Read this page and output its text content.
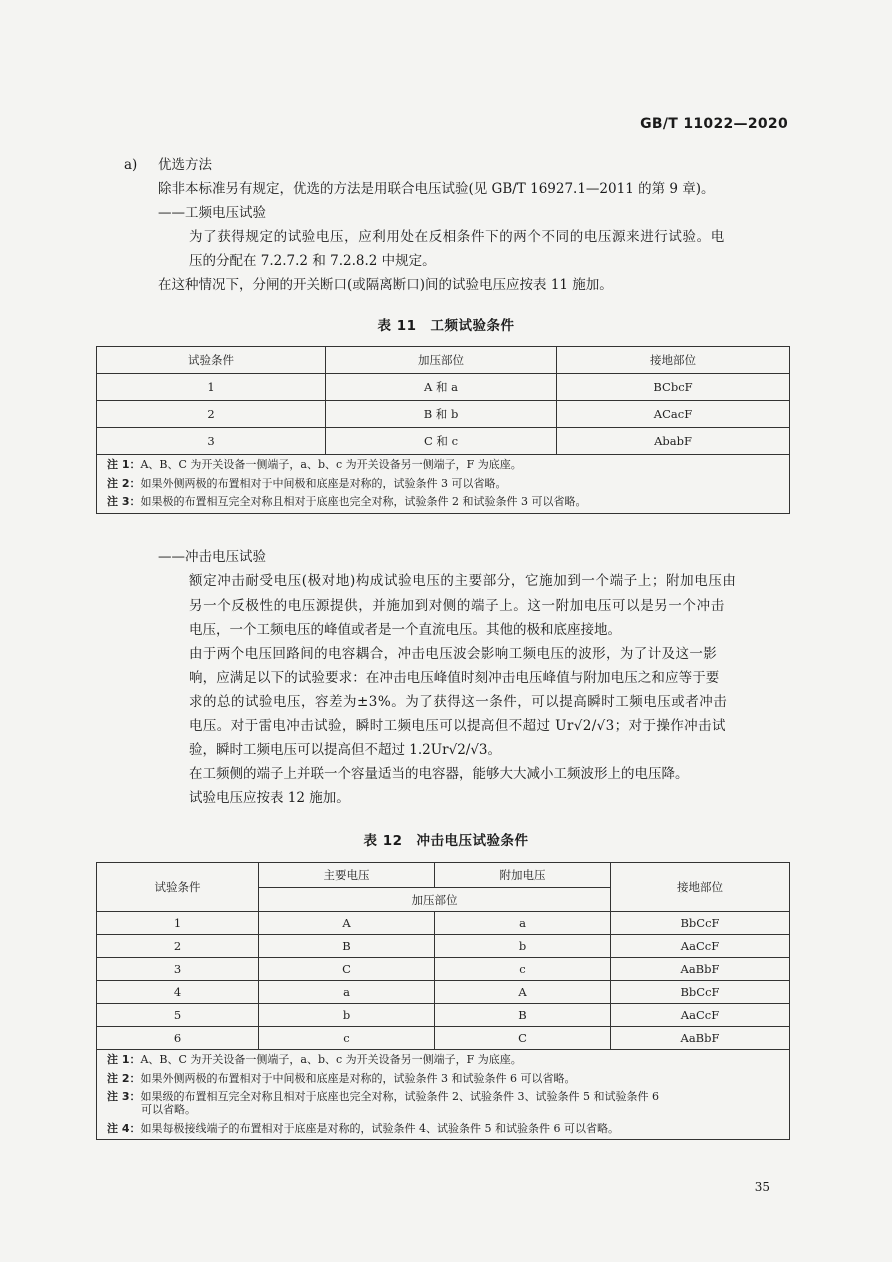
GB/T 11022—2020
a) 优选方法
除非本标准另有规定，优选的方法是用联合电压试验(见 GB/T 16927.1—2011 的第 9 章)。
——工频电压试验
为了获得规定的试验电压，应利用处在反相条件下的两个不同的电压源来进行试验。电
压的分配在 7.2.7.2 和 7.2.8.2 中规定。
在这种情况下，分闸的开关断口(或隔离断口)间的试验电压应按表 11 施加。
表 11　工频试验条件
试验条件	加压部位	接地部位
1	A 和 a	BCbcF
2	B 和 b	ACacF
3	C 和 c	AbabF

注 1：A、B、C 为开关设备一侧端子，a、b、c 为开关设备另一侧端子，F 为底座。
注 2：如果外侧两极的布置相对于中间极和底座是对称的，试验条件 3 可以省略。
注 3：如果极的布置相互完全对称且相对于底座也完全对称，试验条件 2 和试验条件 3 可以省略。		
——冲击电压试验
额定冲击耐受电压(极对地)构成试验电压的主要部分，它施加到一个端子上；附加电压由
另一个反极性的电压源提供，并施加到对侧的端子上。这一附加电压可以是另一个冲击
电压，一个工频电压的峰值或者是一个直流电压。其他的极和底座接地。
由于两个电压回路间的电容耦合，冲击电压波会影响工频电压的波形，为了计及这一影
响，应满足以下的试验要求：在冲击电压峰值时刻冲击电压峰值与附加电压之和应等于要
求的总的试验电压，容差为±3%。为了获得这一条件，可以提高瞬时工频电压或者冲击
电压。对于雷电冲击试验，瞬时工频电压可以提高但不超过 Ur√2/√3；对于操作冲击试
验，瞬时工频电压可以提高但不超过 1.2Ur√2/√3。
在工频侧的端子上并联一个容量适当的电容器，能够大大减小工频波形上的电压降。
试验电压应按表 12 施加。
表 12　冲击电压试验条件
试验条件	主要电压	附加电压	接地部位
	加压部位		
1	A	a	BbCcF
2	B	b	AaCcF
3	C	c	AaBbF
4	a	A	BbCcF
5	b	B	AaCcF
6	c	C	AaBbF

注 1：A、B、C 为开关设备一侧端子，a、b、c 为开关设备另一侧端子，F 为底座。
注 2：如果外侧两极的布置相对于中间极和底座是对称的，试验条件 3 和试验条件 6 可以省略。
注 3：如果级的布置相互完全对称且相对于底座也完全对称，试验条件 2、试验条件 3、试验条件 5 和试验条件 6
可以省略。
注 4：如果每极接线端子的布置相对于底座是对称的，试验条件 4、试验条件 5 和试验条件 6 可以省略。			
35
